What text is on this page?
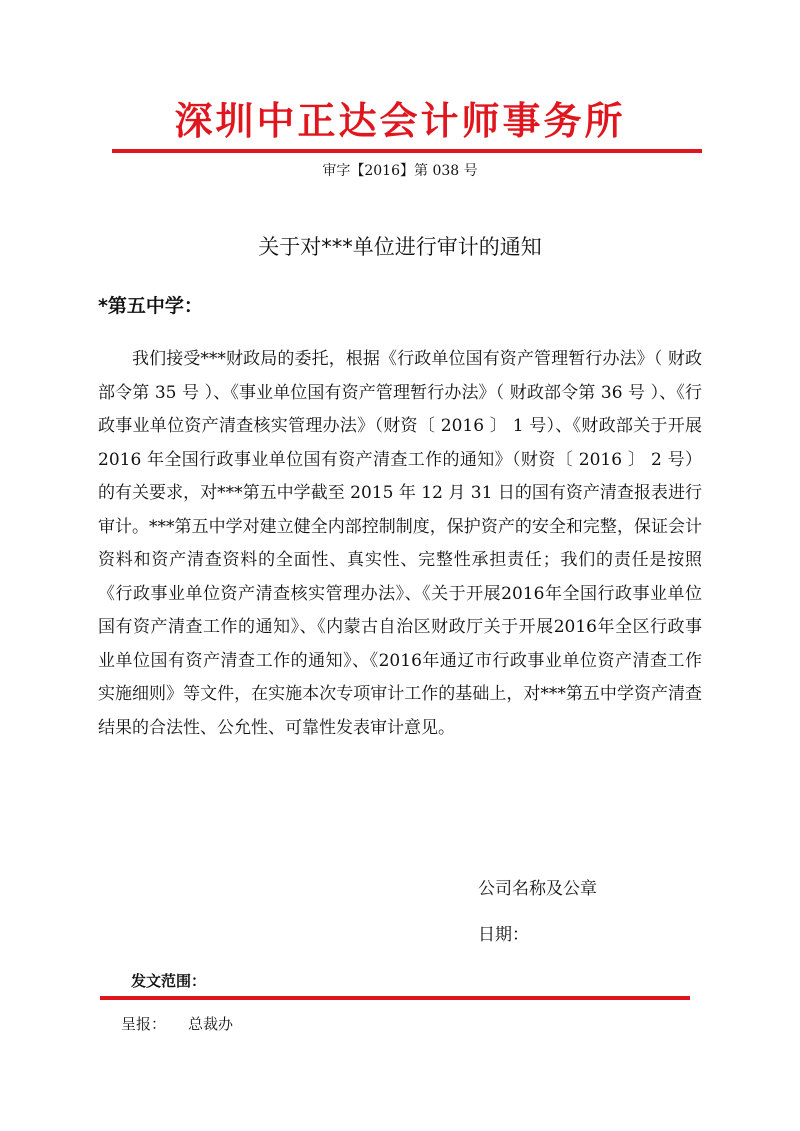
深圳中正达会计师事务所
审字【2016】第 038 号
关于对***单位进行审计的通知
*第五中学：

我们接受***财政局的委托，根据《行政单位国有资产管理暂行办法》（ 财政部令第 35 号 ）、《事业单位国有资产管理暂行办法》（ 财政部令第 36 号 ）、《行政事业单位资产清查核实管理办法》（财资〔 2016 〕 1 号）、《财政部关于开展 2016 年全国行政事业单位国有资产清查工作的通知》（财资〔 2016 〕 2 号） 的有关要求，对***第五中学截至 2015 年 12 月 31 日的国有资产清查报表进行审计。***第五中学对建立健全内部控制制度，保护资产的安全和完整，保证会计资料和资产清查资料的全面性、真实性、完整性承担责任；我们的责任是按照《行政事业单位资产清查核实管理办法》、《关于开展2016年全国行政事业单位国有资产清查工作的通知》、《内蒙古自治区财政厅关于开展2016年全区行政事业单位国有资产清查工作的通知》、《2016年通辽市行政事业单位资产清查工作实施细则》等文件，在实施本次专项审计工作的基础上，对***第五中学资产清查结果的合法性、公允性、可靠性发表审计意见。

公司名称及公章
日期：
发文范围：
呈报： 总裁办
